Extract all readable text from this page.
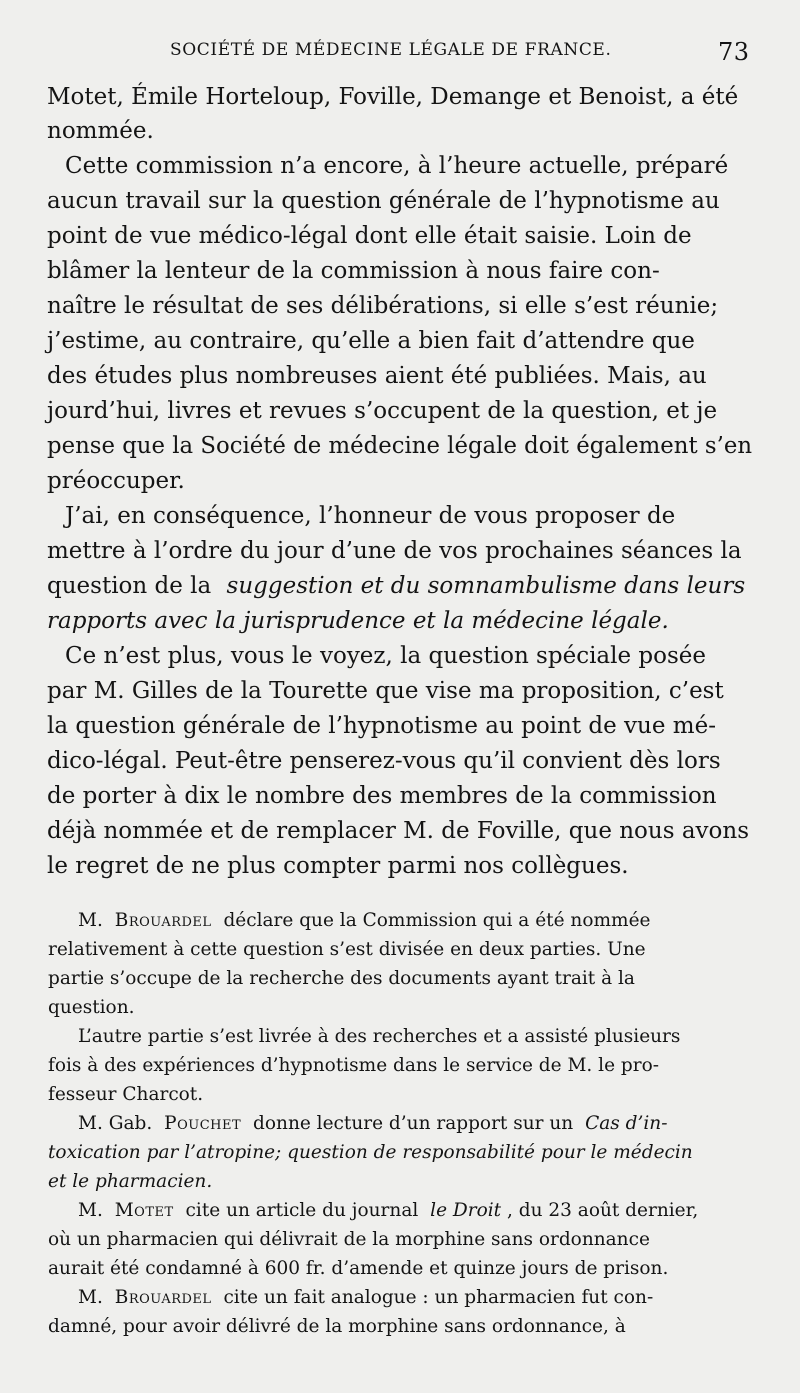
SOCIÉTÉ DE MÉDECINE LÉGALE DE FRANCE.	73
Motet, Émile Horteloup, Foville, Demange et Benoist, a été
nommée.
Cette commission n’a encore, à l’heure actuelle, préparé
aucun travail sur la question générale de l’hypnotisme au
point de vue médico-légal dont elle était saisie. Loin de
blâmer la lenteur de la commission à nous faire con-
naître le résultat de ses délibérations, si elle s’est réunie;
j’estime, au contraire, qu’elle a bien fait d’attendre que
des études plus nombreuses aient été publiées. Mais, au
jourd’hui, livres et revues s’occupent de la question, et je
pense que la Société de médecine légale doit également s’en
préoccuper.
J’ai, en conséquence, l’honneur de vous proposer de
mettre à l’ordre du jour d’une de vos prochaines séances la
question de la suggestion et du somnambulisme dans leurs
rapports avec la jurisprudence et la médecine légale.
Ce n’est plus, vous le voyez, la question spéciale posée
par M. Gilles de la Tourette que vise ma proposition, c’est
la question générale de l’hypnotisme au point de vue mé-
dico-légal. Peut-être penserez-vous qu’il convient dès lors
de porter à dix le nombre des membres de la commission
déjà nommée et de remplacer M. de Foville, que nous avons
le regret de ne plus compter parmi nos collègues.
M. Brouardel déclare que la Commission qui a été nommée
relativement à cette question s’est divisée en deux parties. Une
partie s’occupe de la recherche des documents ayant trait à la
question.
L’autre partie s’est livrée à des recherches et a assisté plusieurs
fois à des expériences d’hypnotisme dans le service de M. le pro-
fesseur Charcot.
M. Gab. Pouchet donne lecture d’un rapport sur un Cas d’in-
toxication par l’atropine; question de responsabilité pour le médecin
et le pharmacien.
M. Motet cite un article du journal le Droit , du 23 août dernier,
où un pharmacien qui délivrait de la morphine sans ordonnance
aurait été condamné à 600 fr. d’amende et quinze jours de prison.
M. Brouardel cite un fait analogue : un pharmacien fut con-
damné, pour avoir délivré de la morphine sans ordonnance, à
